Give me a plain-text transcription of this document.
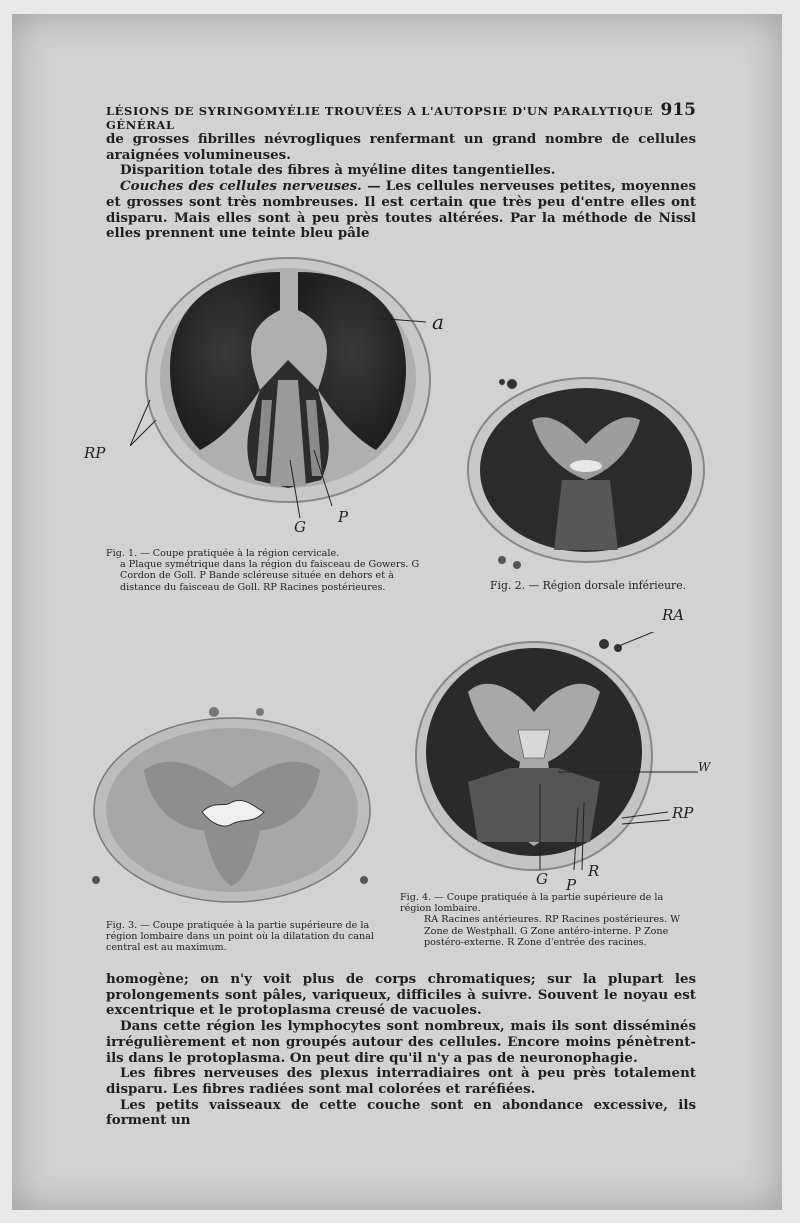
LÉSIONS DE SYRINGOMYÉLIE TROUVÉES A L'AUTOPSIE D'UN PARALYTIQUE GÉNÉRAL
915

de grosses fibrilles névrogliques renfermant un grand nombre de cellules araignées volumineuses.

Disparition totale des fibres à myéline dites tangentielles.

Couches des cellules nerveuses. — Les cellules nerveuses petites, moyennes et grosses sont très nombreuses. Il est certain que très peu d'entre elles ont disparu. Mais elles sont à peu près toutes altérées. Par la méthode de Nissl elles prennent une teinte bleu pâle

a
RP
G
P
Fig. 1. — Coupe pratiquée à la région cervicale.
a Plaque symétrique dans la région du faisceau de Gowers. G Cordon de Goll. P Bande scléreuse située en dehors et à distance du faisceau de Goll. RP Racines postérieures.	Fig. 2. — Région dorsale inférieure.
Fig. 3. — Coupe pratiquée à la partie supérieure de la région lombaire dans un point où la dilatation du canal central est au maximum.
RA
W
RP
G P
R
Fig. 4. — Coupe pratiquée à la partie supérieure de la région lombaire.
RA Racines antérieures. RP Racines postérieures. W Zone de Westphall. G Zone antéro-interne. P Zone postéro-externe. R Zone d'entrée des racines.

homogène; on n'y voit plus de corps chromatiques; sur la plupart les prolongements sont pâles, variqueux, difficiles à suivre. Souvent le noyau est excentrique et le protoplasma creusé de vacuoles.

Dans cette région les lymphocytes sont nombreux, mais ils sont disséminés irrégulièrement et non groupés autour des cellules. Encore moins pénètrent-ils dans le protoplasma. On peut dire qu'il n'y a pas de neuronophagie.

Les fibres nerveuses des plexus interradiaires ont à peu près totalement disparu. Les fibres radiées sont mal colorées et raréfiées.

Les petits vaisseaux de cette couche sont en abondance excessive, ils forment un
